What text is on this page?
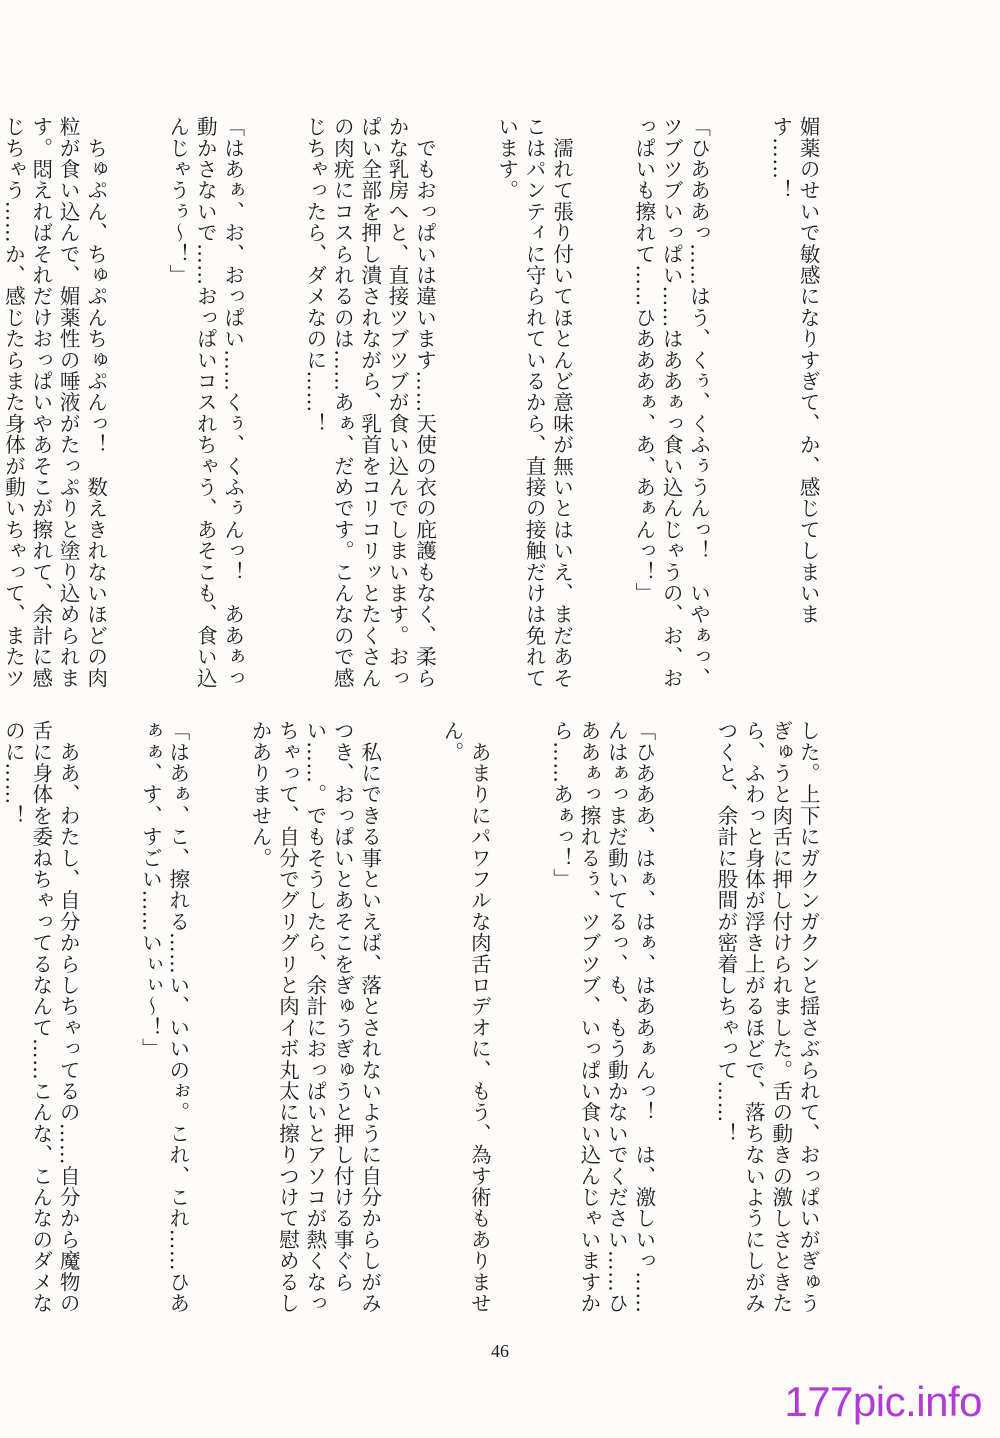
媚薬のせいで敏感になりすぎて、か、感じてしまいます……！

「ひあああっ……はう、くぅ、くふぅうんっ！　いやぁっ、ツブツブいっぱい……はああぁっ食い込んじゃうの、お、おっぱいも擦れて……ひあああぁ、あ、あぁんっ！」

　濡れて張り付いてほとんど意味が無いとはいえ、まだあそこはパンティに守られているから、直接の接触だけは免れています。

　でもおっぱいは違います……天使の衣の庇護もなく、柔らかな乳房へと、直接ツブツブが食い込んでしまいます。おっぱい全部を押し潰されながら、乳首をコリコリッとたくさんの肉疣にコスられるのは……あぁ、だめです。こんなので感じちゃったら、ダメなのに……！

「はあぁ、お、おっぱい……くぅ、くふぅんっ！　ああぁっ動かさないで……おっぱいコスれちゃう、あそこも、食い込んじゃうぅ〜！」

　ちゅぷん、ちゅぷんちゅぷんっ！　数えきれないほどの肉粒が食い込んで、媚薬性の唾液がたっぷりと塗り込められます。悶えればそれだけおっぱいやあそこが擦れて、余計に感じちゃう……か、感じたらまた身体が動いちゃって、またツ

した。上下にガクンガクンと揺さぶられて、おっぱいがぎゅうぎゅうと肉舌に押し付けられました。舌の動きの激しさときたら、ふわっと身体が浮き上がるほどで、落ちないようにしがみつくと、余計に股間が密着しちゃって……！

「ひあああ、はぁ、はぁ、はああぁんっ！　は、激しいっ……んはぁっまだ動いてるっ、も、もう動かないでください……ひああぁっ擦れるぅ、ツブツブ、いっぱい食い込んじゃいますから……あぁっ！」

　あまりにパワフルな肉舌ロデオに、もう、為す術もありません。

　私にできる事といえば、落とされないように自分からしがみつき、おっぱいとあそこをぎゅうぎゅうと押し付ける事ぐらい……。でもそうしたら、余計におっぱいとアソコが熱くなっちゃって、自分でグリグリと肉イボ丸太に擦りつけて慰めるしかありません。

「はあぁ、こ、擦れる……い、いいのぉ。これ、これ……ひあぁぁ、す、すごい……いぃぃ〜！」

　ああ、わたし、自分からしちゃってるの……自分から魔物の舌に身体を委ねちゃってるなんて……こんな、こんなのダメなのに……！

46
177pic.info
